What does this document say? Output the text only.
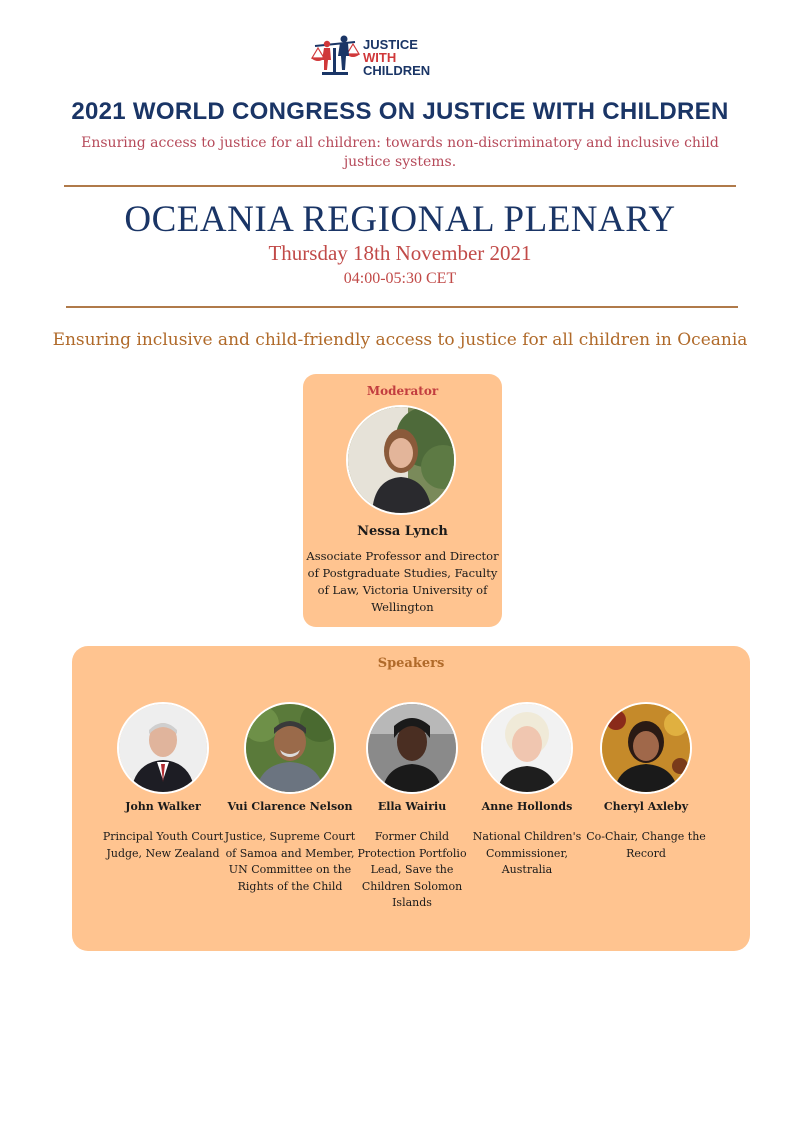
JUSTICE
WITH
CHILDREN
2021 WORLD CONGRESS ON JUSTICE WITH CHILDREN
Ensuring access to justice for all children: towards non-discriminatory and inclusive child justice systems.
OCEANIA REGIONAL PLENARY
Thursday 18th November 2021
04:00-05:30 CET
Ensuring inclusive and child-friendly access to justice for all children in Oceania
Moderator
Nessa Lynch
Associate Professor and Director of Postgraduate Studies, Faculty of Law, Victoria University of Wellington
Speakers
John Walker
Principal Youth Court Judge, New Zealand
Vui Clarence Nelson
Justice, Supreme Court of Samoa and Member, UN Committee on the Rights of the Child
Ella Wairiu
Former Child Protection Portfolio Lead, Save the Children Solomon Islands
Anne Hollonds
National Children's Commissioner, Australia
Cheryl Axleby
Co-Chair, Change the Record
